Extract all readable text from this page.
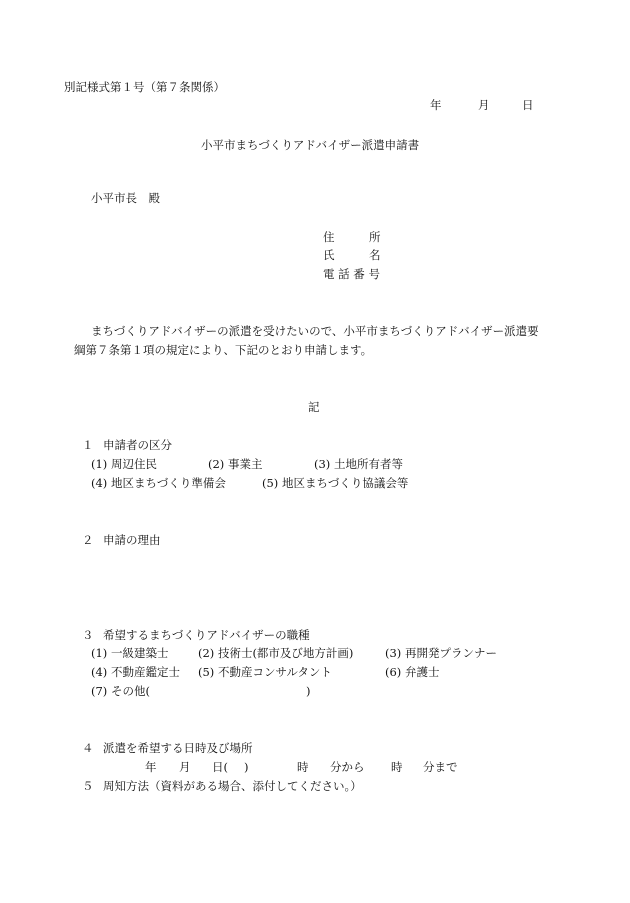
別記様式第１号（第７条関係）
年	月	日
小平市まちづくりアドバイザー派遣申請書
小平市長　殿
住　　　所
氏　　　名
電 話 番 号
まちづくりアドバイザーの派遣を受けたいので、小平市まちづくりアドバイザー派遣要
綱第７条第１項の規定により、下記のとおり申請します。
記
１ 申請者の区分
(1) 周辺住民	(2) 事業主	(3) 土地所有者等
(4) 地区まちづくり準備会	(5) 地区まちづくり協議会等
２ 申請の理由
３ 希望するまちづくりアドバイザーの職種
(1) 一級建築士	(2) 技術士(都市及び地方計画)	(3) 再開発プランナー
(4) 不動産鑑定士 (5) 不動産コンサルタント	(6) 弁護士
(7) その他(	)
４ 派遣を希望する日時及び場所
年 月 日( )	時 分から 時 分まで
５ 周知方法（資料がある場合、添付してください。）
